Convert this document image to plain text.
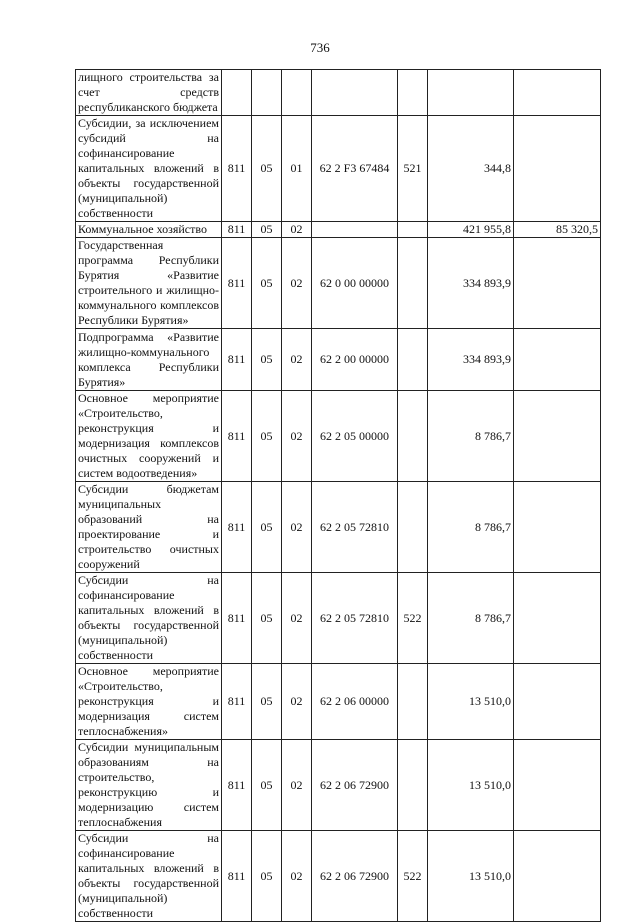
736
лищного строительства за счет средств республиканского бюджета							
Субсидии, за исключением субсидий на софинансирование капитальных вложений в объекты государственной (муниципальной) собственности	811	05	01	62 2 F3 67484	521	344,8	
Коммунальное хозяйство	811	05	02			421 955,8	85 320,5
Государственная программа Республики Бурятия «Развитие строительного и жилищно-коммунального комплексов Республики Бурятия»	811	05	02	62 0 00 00000		334 893,9	
Подпрограмма «Развитие жилищно-коммунального комплекса Республики Бурятия»	811	05	02	62 2 00 00000		334 893,9	
Основное мероприятие «Строительство, реконструкция и модернизация комплексов очистных сооружений и систем водоотведения»	811	05	02	62 2 05 00000		8 786,7	
Субсидии бюджетам муниципальных образований на проектирование и строительство очистных сооружений	811	05	02	62 2 05 72810		8 786,7	
Субсидии на софинансирование капитальных вложений в объекты государственной (муниципальной) собственности	811	05	02	62 2 05 72810	522	8 786,7	
Основное мероприятие «Строительство, реконструкция и модернизация систем теплоснабжения»	811	05	02	62 2 06 00000		13 510,0	
Субсидии муниципальным образованиям на строительство, реконструкцию и модернизацию систем теплоснабжения	811	05	02	62 2 06 72900		13 510,0	
Субсидии на софинансирование капитальных вложений в объекты государственной (муниципальной) собственности	811	05	02	62 2 06 72900	522	13 510,0	
